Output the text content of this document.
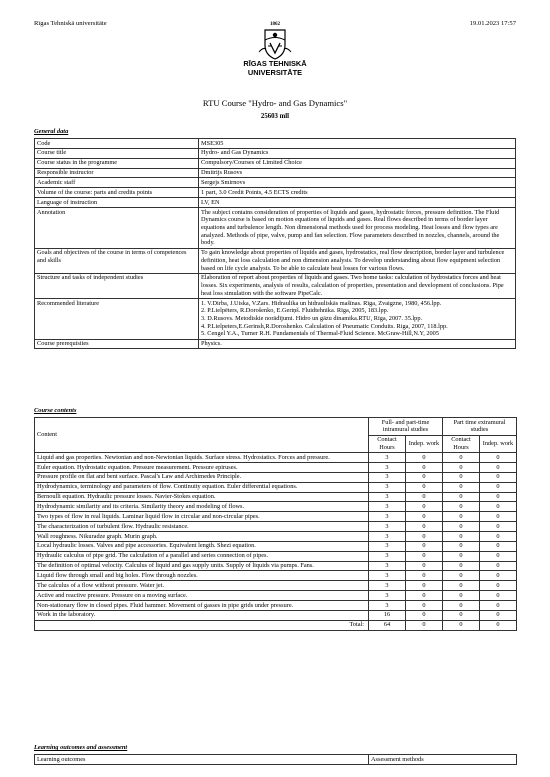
Rīgas Tehniskā universitāte	19.01.2023 17:57
1862
RĪGAS TEHNISKĀ
UNIVERSITĀTE
RTU Course "Hydro- and Gas Dynamics"
25603 mll
General data
Code	MSE305
Course title	Hydro- and Gas Dynamics
Course status in the programme	Compulsory/Courses of Limited Choice
Responsible instructor	Dmitrijs Rusovs
Academic staff	Sergejs Smirnovs
Volume of the course: parts and credits points	1 part, 3.0 Credit Points, 4.5 ECTS credits
Language of instruction	LV, EN
Annotation	The subject contains consideration of properties of liquids and gases, hydrostatic forces, pressure definition. The Fluid Dynamics course is based on motion equations of liquids and gases. Real flows described in terms of border layer equations and turbulence length. Non dimensional methods used for process modeling. Heat losses and flow types are analyzed. Methods of pipe, valve, pump and fan selection. Flow parameters described in nozzles, channels, around the body.
Goals and objectives of the course in terms of competences and skills	To gain knowledge about properties of liquids and gases, hydrostatics, real flow description, border layer and turbulence definition, heat loss calculation and non dimension analysis. To develop understanding about flow equipment selection based on life cycle analysis. To be able to calculate heat losses for various flows.
Structure and tasks of independent studies	Elaboration of report about properties of liquids and gases. Two home tasks: calculation of hydrostatics forces and heat losses. Six experiments, analysis of results, calculation of properties, presentation and development of conclusions. Pipe heat loss simulation with the software PipeCalc.
Recommended literature	1. V.Dirba, J.Uiska, V.Zars. Hidraulika un hidrauliskās mašīnas. Rīga, Zvaigzne, 1980, 456.lpp.
2. P.Lielpēters, R.Dorošenko, E.Geriņš. Fluidtehnika. Rīga, 2005, 183.lpp.
3. D.Rusovs. Metodiskie norādījumi. Hidro un gāzu dinamika.RTU, Rīga, 2007. 35.lpp.
4. P.Lielpeters,E.Gerinsh,R.Doroshenko. Calculation of Pneumatic Conduits. Riga, 2007, 118.lpp.
5. Cengel Y.A., Turner R.H. Fundamentals of Thermal-Fluid Science. McGraw-Hill,N.Y, 2005
Course prerequisites	Physics.
Course contents
Content	Full- and part-time intramural studies		Part time extramural studies	
	Contact Hours	Indep. work	Contact Hours	Indep. work
Liquid and gas properties. Newtonian and non-Newtonian liquids. Surface stress. Hydrostatics. Forces and pressure.	3	0	0	0
Euler equation. Hydrostatic equation. Pressure measurement. Pressure epiruses.	3	0	0	0
Pressure profile on flat and bent surface. Pascal's Law and Archimedes Principle.	3	0	0	0
Hydrodynamics, terminology and parameters of flow. Continuity equation. Euler differential equations.	3	0	0	0
Bernoulli equation. Hydraulic pressure losses. Navier-Stokes equation.	3	0	0	0
Hydrodynamic similarity and its criteria. Similarity theory and modeling of flows.	3	0	0	0
Two types of flow in real liquids. Laminar liquid flow in circular and non-circular pipes.	3	0	0	0
The characterization of turbulent flow. Hydraulic resistance.	3	0	0	0
Wall roughness. Nikuradze graph. Murin graph.	3	0	0	0
Local hydraulic losses. Valves and pipe accessories. Equivalent length. Shezi equation.	3	0	0	0
Hydraulic calculus of pipe grid. The calculation of a parallel and series connection of pipes.	3	0	0	0
The definition of optimal velocity. Calculus of liquid and gas supply units. Supply of liquids via pumps. Fans.	3	0	0	0
Liquid flow through small and big holes. Flow through nozzles.	3	0	0	0
The calculus of a flow without pressure. Water jet.	3	0	0	0
Active and reactive pressure. Pressure on a moving surface.	3	0	0	0
Non-stationary flow in closed pipes. Fluid hammer. Movement of gasses in pipe grids under pressure.	3	0	0	0
Work in the laboratory.	16	0	0	0
Total:	64	0	0	0
Learning outcomes and assessment
Learning outcomes	Assessment methods
